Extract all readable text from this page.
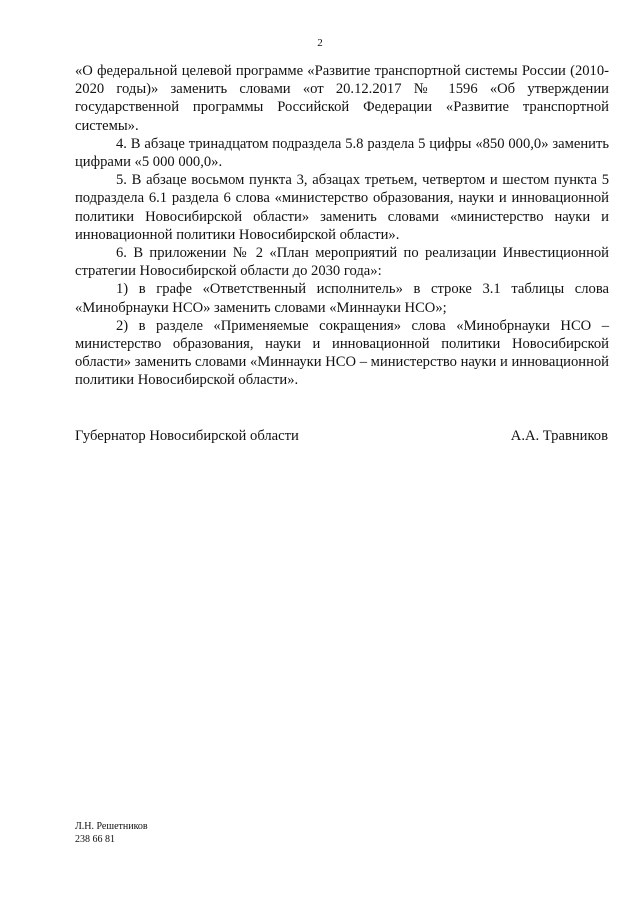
2

«О федеральной целевой программе «Развитие транспортной системы России (2010-2020 годы)» заменить словами «от 20.12.2017 № 1596 «Об утверждении государственной программы Российской Федерации «Развитие транспортной системы».

4. В абзаце тринадцатом подраздела 5.8 раздела 5 цифры «850 000,0» заменить цифрами «5 000 000,0».

5. В абзаце восьмом пункта 3, абзацах третьем, четвертом и шестом пункта 5 подраздела 6.1 раздела 6 слова «министерство образования, науки и инновационной политики Новосибирской области» заменить словами «министерство науки и инновационной политики Новосибирской области».

6. В приложении № 2 «План мероприятий по реализации Инвестиционной стратегии Новосибирской области до 2030 года»:

1) в графе «Ответственный исполнитель» в строке 3.1 таблицы слова «Минобрнауки НСО» заменить словами «Миннауки НСО»;

2) в разделе «Применяемые сокращения» слова «Минобрнауки НСО – министерство образования, науки и инновационной политики Новосибирской области» заменить словами «Миннауки НСО – министерство науки и инновационной политики Новосибирской области».

Губернатор Новосибирской области	А.А. Травников
Л.Н. Решетников
238 66 81
